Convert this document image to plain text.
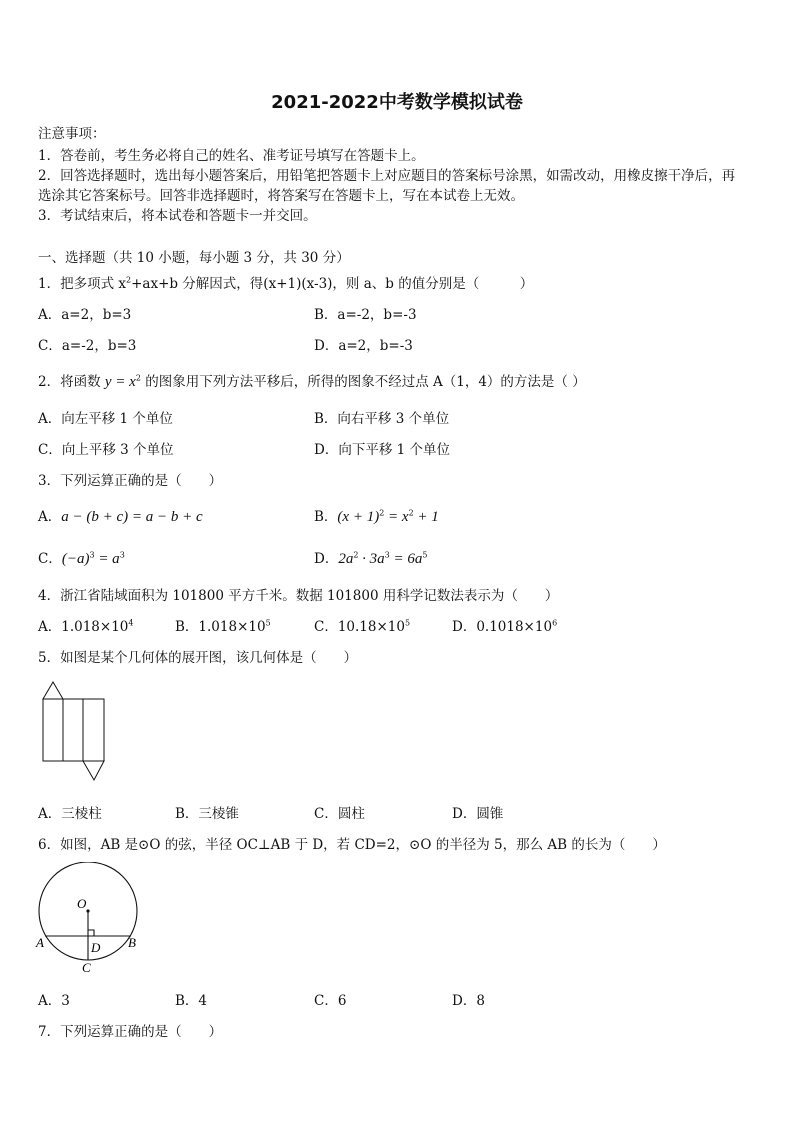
2021-2022中考数学模拟试卷
注意事项：
1．答卷前，考生务必将自己的姓名、准考证号填写在答题卡上。
2．回答选择题时，选出每小题答案后，用铅笔把答题卡上对应题目的答案标号涂黑，如需改动，用橡皮擦干净后，再
选涂其它答案标号。回答非选择题时，将答案写在答题卡上，写在本试卷上无效。
3．考试结束后，将本试卷和答题卡一并交回。
一、选择题（共 10 小题，每小题 3 分，共 30 分）
1．把多项式 $x^2+ax+b$ 分解因式，得(x+1)(x-3)，则 a、b 的值分别是（　　　）
A．a=2，b=3	B．a=-2，b=-3
C．a=-2，b=3	D．a=2，b=-3
2．将函数 $y = x^2$ 的图象用下列方法平移后，所得的图象不经过点 A（1，4）的方法是（ ）
A．向左平移 1 个单位	B．向右平移 3 个单位
C．向上平移 3 个单位	D．向下平移 1 个单位
3．下列运算正确的是（　　）
A．a − (b + c) = a − b + c	B．$(x + 1)^2 = x^2 + 1$
C．$(-a)^3 = a^3$	D．$2a^2 \cdot 3a^3 = 6a^5$
4．浙江省陆域面积为 101800 平方千米。数据 101800 用科学记数法表示为（　　）
A．$1.018\times 10^4$	B．$1.018\times 10^5$	C．$10.18\times 10^5$	D．$0.1018\times 10^6$
5．如图是某个几何体的展开图，该几何体是（　　）
A．三棱柱	B．三棱锥	C．圆柱	D．圆锥
6．如图，AB 是⊙O 的弦，半径 OC⊥AB 于 D，若 CD=2，⊙O 的半径为 5，那么 AB 的长为（　　）
O
A	B
D
C
A．3	B．4	C．6	D．8
7．下列运算正确的是（　　）
